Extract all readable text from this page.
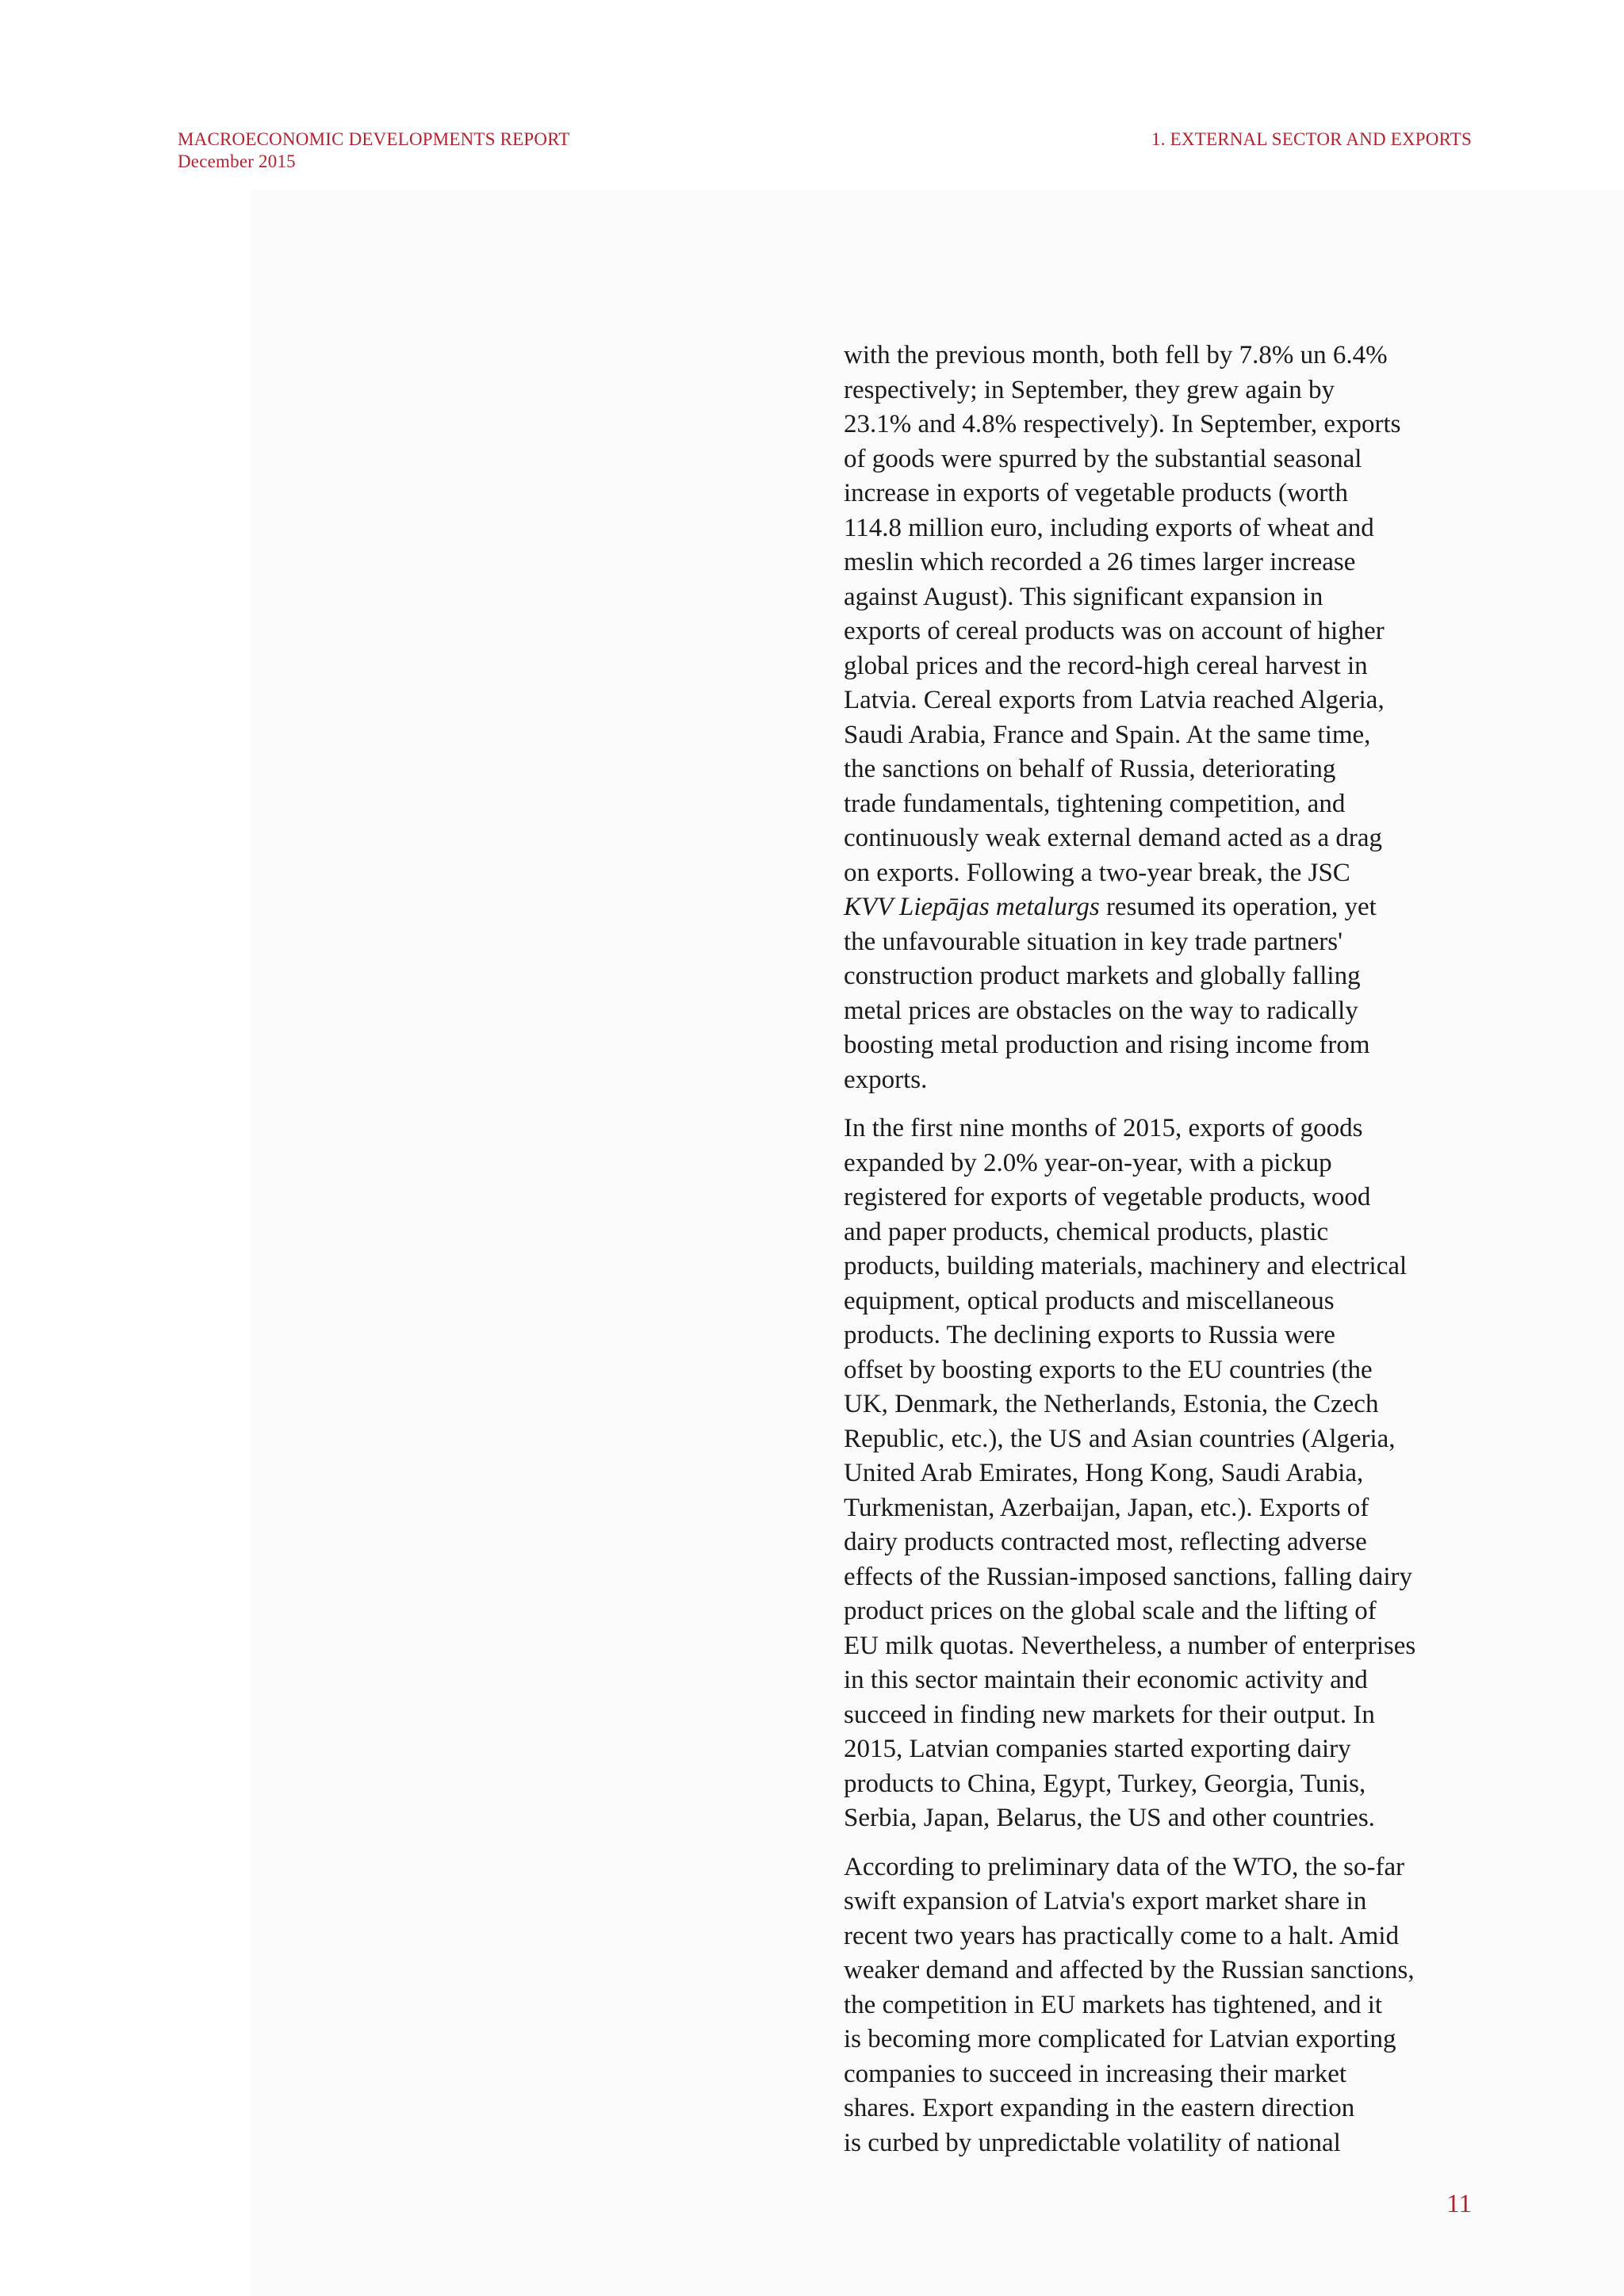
MACROECONOMIC DEVELOPMENTS REPORT
December 2015
1. EXTERNAL SECTOR AND EXPORTS

with the previous month, both fell by 7.8% un 6.4%
respectively; in September, they grew again by
23.1% and 4.8% respectively). In September, exports
of goods were spurred by the substantial seasonal
increase in exports of vegetable products (worth
114.8 million euro, including exports of wheat and
meslin which recorded a 26 times larger increase
against August). This significant expansion in
exports of cereal products was on account of higher
global prices and the record-high cereal harvest in
Latvia. Cereal exports from Latvia reached Algeria,
Saudi Arabia, France and Spain. At the same time,
the sanctions on behalf of Russia, deteriorating
trade fundamentals, tightening competition, and
continuously weak external demand acted as a drag
on exports. Following a two-year break, the JSC
KVV Liepājas metalurgs resumed its operation, yet
the unfavourable situation in key trade partners'
construction product markets and globally falling
metal prices are obstacles on the way to radically
boosting metal production and rising income from
exports.

In the first nine months of 2015, exports of goods
expanded by 2.0% year-on-year, with a pickup
registered for exports of vegetable products, wood
and paper products, chemical products, plastic
products, building materials, machinery and electrical
equipment, optical products and miscellaneous
products. The declining exports to Russia were
offset by boosting exports to the EU countries (the
UK, Denmark, the Netherlands, Estonia, the Czech
Republic, etc.), the US and Asian countries (Algeria,
United Arab Emirates, Hong Kong, Saudi Arabia,
Turkmenistan, Azerbaijan, Japan, etc.). Exports of
dairy products contracted most, reflecting adverse
effects of the Russian-imposed sanctions, falling dairy
product prices on the global scale and the lifting of
EU milk quotas. Nevertheless, a number of enterprises
in this sector maintain their economic activity and
succeed in finding new markets for their output. In
2015, Latvian companies started exporting dairy
products to China, Egypt, Turkey, Georgia, Tunis,
Serbia, Japan, Belarus, the US and other countries.

According to preliminary data of the WTO, the so-far
swift expansion of Latvia's export market share in
recent two years has practically come to a halt. Amid
weaker demand and affected by the Russian sanctions,
the competition in EU markets has tightened, and it
is becoming more complicated for Latvian exporting
companies to succeed in increasing their market
shares. Export expanding in the eastern direction
is curbed by unpredictable volatility of national

11
